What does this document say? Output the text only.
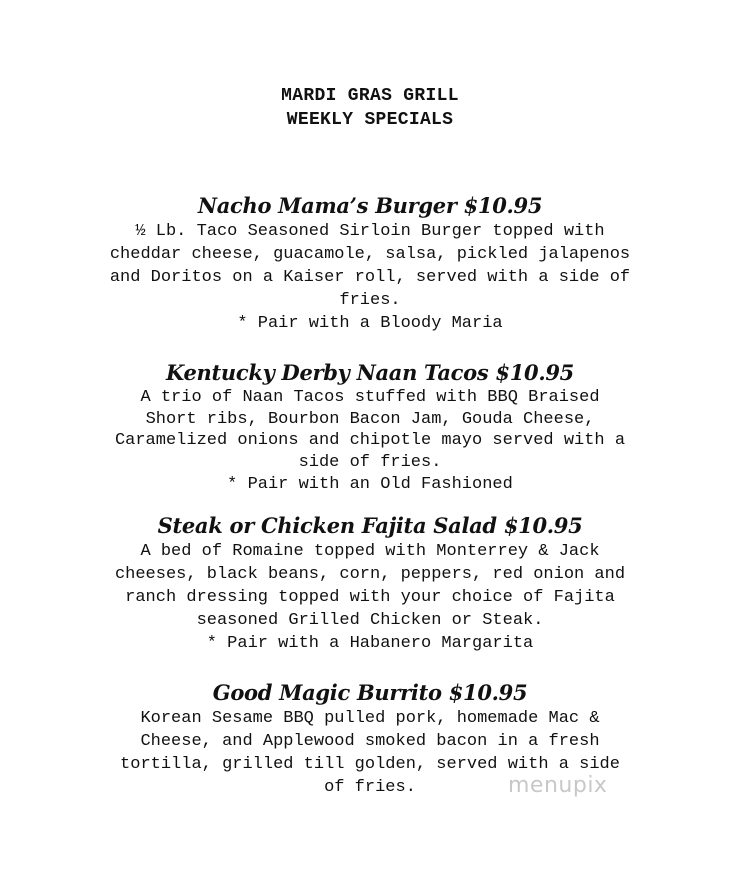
MARDI GRAS GRILL
WEEKLY SPECIALS
Nacho Mama’s Burger $10.95
½ Lb. Taco Seasoned Sirloin Burger topped with
cheddar cheese, guacamole, salsa, pickled jalapenos
and Doritos on a Kaiser roll, served with a side of
fries.
* Pair with a Bloody Maria
Kentucky Derby Naan Tacos $10.95
A trio of Naan Tacos stuffed with BBQ Braised
Short ribs, Bourbon Bacon Jam, Gouda Cheese,
Caramelized onions and chipotle mayo served with a
side of fries.
* Pair with an Old Fashioned
Steak or Chicken Fajita Salad $10.95
A bed of Romaine topped with Monterrey & Jack
cheeses, black beans, corn, peppers, red onion and
ranch dressing topped with your choice of Fajita
seasoned Grilled Chicken or Steak.
* Pair with a Habanero Margarita
Good Magic Burrito $10.95
Korean Sesame BBQ pulled pork, homemade Mac &
Cheese, and Applewood smoked bacon in a fresh
tortilla, grilled till golden, served with a side
of fries.	menupix
